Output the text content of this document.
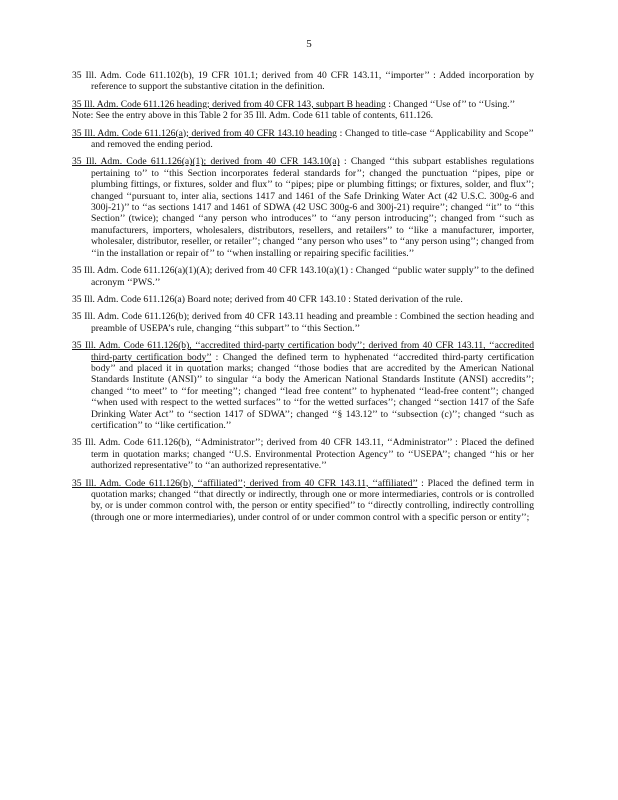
5

35 Ill. Adm. Code 611.102(b), 19 CFR 101.1; derived from 40 CFR 143.11, ‘‘importer’’ : Added incorporation by reference to support the substantive citation in the definition.

35 Ill. Adm. Code 611.126 heading; derived from 40 CFR 143, subpart B heading : Changed ‘‘Use of’’ to ‘‘Using.’’
Note: See the entry above in this Table 2 for 35 Ill. Adm. Code 611 table of contents, 611.126.

35 Ill. Adm. Code 611.126(a); derived from 40 CFR 143.10 heading : Changed to title-case ‘‘Applicability and Scope’’ and removed the ending period.

35 Ill. Adm. Code 611.126(a)(1); derived from 40 CFR 143.10(a) : Changed ‘‘this subpart establishes regulations pertaining to’’ to ‘‘this Section incorporates federal standards for’’; changed the punctuation ‘‘pipes, pipe or plumbing fittings, or fixtures, solder and flux’’ to ‘‘pipes; pipe or plumbing fittings; or fixtures, solder, and flux’’; changed ‘‘pursuant to, inter alia, sections 1417 and 1461 of the Safe Drinking Water Act (42 U.S.C. 300g-6 and 300j-21)’’ to ‘‘as sections 1417 and 1461 of SDWA (42 USC 300g-6 and 300j-21) require’’; changed ‘‘it’’ to ‘‘this Section’’ (twice); changed ‘‘any person who introduces’’ to ‘‘any person introducing’’; changed from ‘‘such as manufacturers, importers, wholesalers, distributors, resellers, and retailers’’ to ‘‘like a manufacturer, importer, wholesaler, distributor, reseller, or retailer’’; changed ‘‘any person who uses’’ to ‘‘any person using’’; changed from ‘‘in the installation or repair of’’ to ‘‘when installing or repairing specific facilities.’’

35 Ill. Adm. Code 611.126(a)(1)(A); derived from 40 CFR 143.10(a)(1) : Changed ‘‘public water supply’’ to the defined acronym ‘‘PWS.’’

35 Ill. Adm. Code 611.126(a) Board note; derived from 40 CFR 143.10 : Stated derivation of the rule.

35 Ill. Adm. Code 611.126(b); derived from 40 CFR 143.11 heading and preamble : Combined the section heading and preamble of USEPA’s rule, changing ‘‘this subpart’’ to ‘‘this Section.’’

35 Ill. Adm. Code 611.126(b), ‘‘accredited third-party certification body’’; derived from 40 CFR 143.11, ‘‘accredited third-party certification body’’ : Changed the defined term to hyphenated ‘‘accredited third-party certification body’’ and placed it in quotation marks; changed ‘‘those bodies that are accredited by the American National Standards Institute (ANSI)’’ to singular ‘‘a body the American National Standards Institute (ANSI) accredits’’; changed ‘‘to meet’’ to ‘‘for meeting’’; changed ‘‘lead free content’’ to hyphenated ‘‘lead-free content’’; changed ‘‘when used with respect to the wetted surfaces’’ to ‘‘for the wetted surfaces’’; changed ‘‘section 1417 of the Safe Drinking Water Act’’ to ‘‘section 1417 of SDWA’’; changed ‘‘§ 143.12’’ to ‘‘subsection (c)’’; changed ‘‘such as certification’’ to ‘‘like certification.’’

35 Ill. Adm. Code 611.126(b), ‘‘Administrator’’; derived from 40 CFR 143.11, ‘‘Administrator’’ : Placed the defined term in quotation marks; changed ‘‘U.S. Environmental Protection Agency’’ to ‘‘USEPA’’; changed ‘‘his or her authorized representative’’ to ‘‘an authorized representative.’’

35 Ill. Adm. Code 611.126(b), ‘‘affiliated’’; derived from 40 CFR 143.11, ‘‘affiliated’’ : Placed the defined term in quotation marks; changed ‘‘that directly or indirectly, through one or more intermediaries, controls or is controlled by, or is under common control with, the person or entity specified’’ to ‘‘directly controlling, indirectly controlling (through one or more intermediaries), under control of or under common control with a specific person or entity’’;
